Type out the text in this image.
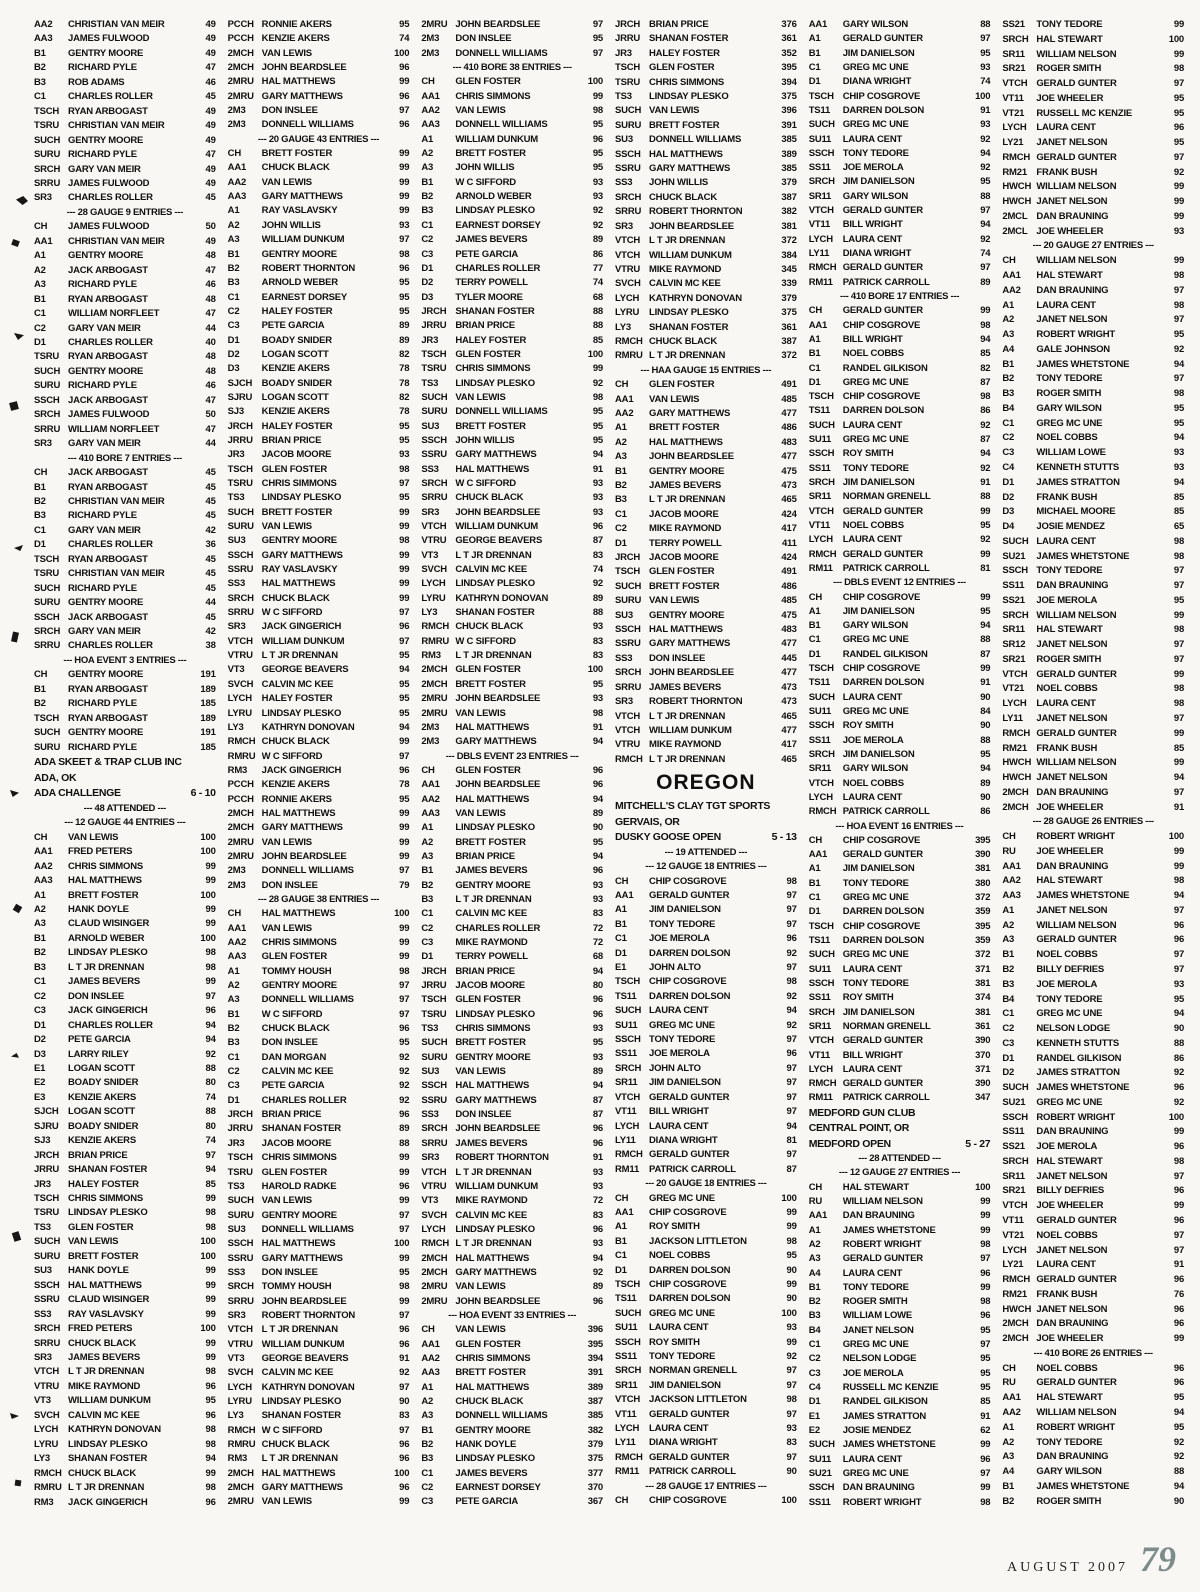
AA2	CHRISTIAN VAN MEIR	49
AA3	JAMES FULWOOD	49
B1	GENTRY MOORE	49
B2	RICHARD PYLE	47
B3	ROB ADAMS	46
C1	CHARLES ROLLER	45
TSCH RYAN ARBOGAST	49
TSRU CHRISTIAN VAN MEIR	49
SUCH GENTRY MOORE	49
SURU RICHARD PYLE	47
SRCH GARY VAN MEIR	49
SRRU JAMES FULWOOD	49
SR3	CHARLES ROLLER	45
--- 28 GAUGE 9 ENTRIES ---
CH	JAMES FULWOOD	50
AA1	CHRISTIAN VAN MEIR	49
A1	GENTRY MOORE	48
A2	JACK ARBOGAST	47
A3	RICHARD PYLE	46
B1	RYAN ARBOGAST	48
C1	WILLIAM NORFLEET	47
C2	GARY VAN MEIR	44
D1	CHARLES ROLLER	40
TSRU RYAN ARBOGAST	48
SUCH GENTRY MOORE	48
SURU RICHARD PYLE	46
SSCH JACK ARBOGAST	47
SRCH JAMES FULWOOD	50
SRRU WILLIAM NORFLEET	47
SR3	GARY VAN MEIR	44
--- 410 BORE 7 ENTRIES ---
CH	JACK ARBOGAST	45
B1	RYAN ARBOGAST	45
B2	CHRISTIAN VAN MEIR	45
B3	RICHARD PYLE	45
C1	GARY VAN MEIR	42
D1	CHARLES ROLLER	36
TSCH RYAN ARBOGAST	45
TSRU CHRISTIAN VAN MEIR	45
SUCH RICHARD PYLE	45
SURU GENTRY MOORE	44
SSCH JACK ARBOGAST	45
SRCH GARY VAN MEIR	42
SRRU CHARLES ROLLER	38
--- HOA EVENT 3 ENTRIES ---
CH	GENTRY MOORE	191
B1	RYAN ARBOGAST	189
B2	RICHARD PYLE	185
TSCH RYAN ARBOGAST	189
SUCH GENTRY MOORE	191
SURU RICHARD PYLE	185
ADA SKEET & TRAP CLUB INC
ADA, OK
ADA CHALLENGE	6 - 10
--- 48 ATTENDED ---
--- 12 GAUGE 44 ENTRIES ---
CH	VAN LEWIS	100
AA1	FRED PETERS	100
AA2	CHRIS SIMMONS	99
AA3	HAL MATTHEWS	99
A1	BRETT FOSTER	100
A2	HANK DOYLE	99
A3	CLAUD WISINGER	99
B1	ARNOLD WEBER	100
B2	LINDSAY PLESKO	98
B3	L T JR DRENNAN	98
C1	JAMES BEVERS	99
C2	DON INSLEE	97
C3	JACK GINGERICH	96
D1	CHARLES ROLLER	94
D2	PETE GARCIA	94
D3	LARRY RILEY	92
E1	LOGAN SCOTT	88
E2	BOADY SNIDER	80
E3	KENZIE AKERS	74
SJCH LOGAN SCOTT	88
SJRU BOADY SNIDER	80
SJ3	KENZIE AKERS	74
JRCH BRIAN PRICE	97
JRRU SHANAN FOSTER	94
JR3	HALEY FOSTER	85
TSCH CHRIS SIMMONS	99
TSRU LINDSAY PLESKO	98
TS3	GLEN FOSTER	98
SUCH VAN LEWIS	100
SURU BRETT FOSTER	100
SU3	HANK DOYLE	99
SSCH HAL MATTHEWS	99
SSRU CLAUD WISINGER	99
SS3	RAY VASLAVSKY	99
SRCH FRED PETERS	100
SRRU CHUCK BLACK	99
SR3	JAMES BEVERS	99
VTCH L T JR DRENNAN	98
VTRU MIKE RAYMOND	96
VT3	WILLIAM DUNKUM	95
SVCH CALVIN MC KEE	96
LYCH	KATHRYN DONOVAN	98
LYRU	LINDSAY PLESKO	98
LY3	SHANAN FOSTER	94
RMCH CHUCK BLACK	99
RMRU L T JR DRENNAN	98
RM3	JACK GINGERICH	96
PCCH RONNIE AKERS	95
PCCH KENZIE AKERS	74
2MCH VAN LEWIS	100
2MCH JOHN BEARDSLEE	96
2MRU HAL MATTHEWS	99
2MRU GARY MATTHEWS	96
2M3	DON INSLEE	97
2M3	DONNELL WILLIAMS	96
--- 20 GAUGE 43 ENTRIES ---
CH	BRETT FOSTER	99
AA1	CHUCK BLACK	99
AA2	VAN LEWIS	99
AA3	GARY MATTHEWS	99
A1	RAY VASLAVSKY	99
A2	JOHN WILLIS	93
A3	WILLIAM DUNKUM	97
B1	GENTRY MOORE	98
B2	ROBERT THORNTON	96
B3	ARNOLD WEBER	95
C1	EARNEST DORSEY	95
C2	HALEY FOSTER	95
C3	PETE GARCIA	89
D1	BOADY SNIDER	89
D2	LOGAN SCOTT	82
D3	KENZIE AKERS	78
SJCH BOADY SNIDER	78
SJRU LOGAN SCOTT	82
SJ3	KENZIE AKERS	78
JRCH HALEY FOSTER	95
JRRU BRIAN PRICE	95
JR3	JACOB MOORE	93
TSCH GLEN FOSTER	98
TSRU CHRIS SIMMONS	97
TS3	LINDSAY PLESKO	95
SUCH BRETT FOSTER	99
SURU VAN LEWIS	99
SU3	GENTRY MOORE	98
SSCH GARY MATTHEWS	99
SSRU RAY VASLAVSKY	99
SS3	HAL MATTHEWS	99
SRCH CHUCK BLACK	99
SRRU W C SIFFORD	97
SR3	JACK GINGERICH	96
VTCH WILLIAM DUNKUM	97
VTRU L T JR DRENNAN	95
VT3	GEORGE BEAVERS	94
SVCH CALVIN MC KEE	95
LYCH	HALEY FOSTER	95
LYRU	LINDSAY PLESKO	95
LY3	KATHRYN DONOVAN	94
RMCH CHUCK BLACK	99
RMRU W C SIFFORD	97
RM3	JACK GINGERICH	96
PCCH KENZIE AKERS	78
PCCH RONNIE AKERS	95
2MCH HAL MATTHEWS	99
2MCH GARY MATTHEWS	99
2MRU VAN LEWIS	99
2MRU JOHN BEARDSLEE	99
2M3	DONNELL WILLIAMS	97
2M3	DON INSLEE	79
--- 28 GAUGE 38 ENTRIES ---
CH	HAL MATTHEWS	100
AA1	VAN LEWIS	99
AA2	CHRIS SIMMONS	99
AA3	GLEN FOSTER	99
A1	TOMMY HOUSH	98
A2	GENTRY MOORE	97
A3	DONNELL WILLIAMS	97
B1	W C SIFFORD	97
B2	CHUCK BLACK	96
B3	DON INSLEE	95
C1	DAN MORGAN	92
C2	CALVIN MC KEE	92
C3	PETE GARCIA	92
D1	CHARLES ROLLER	92
JRCH BRIAN PRICE	96
JRRU SHANAN FOSTER	89
JR3	JACOB MOORE	88
TSCH CHRIS SIMMONS	99
TSRU GLEN FOSTER	99
TS3	HAROLD RADKE	96
SUCH VAN LEWIS	99
SURU GENTRY MOORE	97
SU3	DONNELL WILLIAMS	97
SSCH HAL MATTHEWS	100
SSRU GARY MATTHEWS	99
SS3	DON INSLEE	95
SRCH TOMMY HOUSH	98
SRRU JOHN BEARDSLEE	99
SR3	ROBERT THORNTON	97
VTCH L T JR DRENNAN	96
VTRU WILLIAM DUNKUM	96
VT3	GEORGE BEAVERS	91
SVCH CALVIN MC KEE	92
LYCH	KATHRYN DONOVAN	97
LYRU	LINDSAY PLESKO	90
LY3	SHANAN FOSTER	83
RMCH W C SIFFORD	97
RMRU CHUCK BLACK	96
RM3	L T JR DRENNAN	96
2MCH HAL MATTHEWS	100
2MCH GARY MATTHEWS	96
2MRU VAN LEWIS	99
2MRU JOHN BEARDSLEE	97
2M3	DON INSLEE	95
2M3	DONNELL WILLIAMS	97
--- 410 BORE 38 ENTRIES ---
CH	GLEN FOSTER	100
AA1	CHRIS SIMMONS	99
AA2	VAN LEWIS	98
AA3	DONNELL WILLIAMS	95
A1	WILLIAM DUNKUM	96
A2	BRETT FOSTER	95
A3	JOHN WILLIS	95
B1	W C SIFFORD	93
B2	ARNOLD WEBER	93
B3	LINDSAY PLESKO	92
C1	EARNEST DORSEY	92
C2	JAMES BEVERS	89
C3	PETE GARCIA	86
D1	CHARLES ROLLER	77
D2	TERRY POWELL	74
D3	TYLER MOORE	68
JRCH SHANAN FOSTER	88
JRRU BRIAN PRICE	88
JR3	HALEY FOSTER	85
TSCH GLEN FOSTER	100
TSRU CHRIS SIMMONS	99
TS3	LINDSAY PLESKO	92
SUCH VAN LEWIS	98
SURU DONNELL WILLIAMS	95
SU3	BRETT FOSTER	95
SSCH JOHN WILLIS	95
SSRU GARY MATTHEWS	94
SS3	HAL MATTHEWS	91
SRCH W C SIFFORD	93
SRRU CHUCK BLACK	93
SR3	JOHN BEARDSLEE	93
VTCH WILLIAM DUNKUM	96
VTRU GEORGE BEAVERS	87
VT3	L T JR DRENNAN	83
SVCH CALVIN MC KEE	74
LYCH	LINDSAY PLESKO	92
LYRU	KATHRYN DONOVAN	89
LY3	SHANAN FOSTER	88
RMCH CHUCK BLACK	93
RMRU W C SIFFORD	83
RM3	L T JR DRENNAN	83
2MCH GLEN FOSTER	100
2MCH BRETT FOSTER	95
2MRU JOHN BEARDSLEE	93
2MRU VAN LEWIS	98
2M3	HAL MATTHEWS	91
2M3	GARY MATTHEWS	94
--- DBLS EVENT 23 ENTRIES ---
CH	GLEN FOSTER	96
AA1	JOHN BEARDSLEE	96
AA2	HAL MATTHEWS	94
AA3	VAN LEWIS	89
A1	LINDSAY PLESKO	90
A2	BRETT FOSTER	95
A3	BRIAN PRICE	94
B1	JAMES BEVERS	96
B2	GENTRY MOORE	93
B3	L T JR DRENNAN	93
C1	CALVIN MC KEE	83
C2	CHARLES ROLLER	72
C3	MIKE RAYMOND	72
D1	TERRY POWELL	68
JRCH BRIAN PRICE	94
JRRU JACOB MOORE	80
TSCH GLEN FOSTER	96
TSRU LINDSAY PLESKO	96
TS3	CHRIS SIMMONS	93
SUCH BRETT FOSTER	95
SURU GENTRY MOORE	93
SU3	VAN LEWIS	89
SSCH HAL MATTHEWS	94
SSRU GARY MATTHEWS	87
SS3	DON INSLEE	87
SRCH JOHN BEARDSLEE	96
SRRU JAMES BEVERS	96
SR3	ROBERT THORNTON	91
VTCH L T JR DRENNAN	93
VTRU WILLIAM DUNKUM	93
VT3	MIKE RAYMOND	72
SVCH CALVIN MC KEE	83
LYCH	LINDSAY PLESKO	96
RMCH L T JR DRENNAN	93
2MCH HAL MATTHEWS	94
2MCH GARY MATTHEWS	92
2MRU VAN LEWIS	89
2MRU JOHN BEARDSLEE	96
--- HOA EVENT 33 ENTRIES ---
CH	VAN LEWIS	396
AA1	GLEN FOSTER	395
AA2	CHRIS SIMMONS	394
AA3	BRETT FOSTER	391
A1	HAL MATTHEWS	389
A2	CHUCK BLACK	387
A3	DONNELL WILLIAMS	385
B1	GENTRY MOORE	382
B2	HANK DOYLE	379
B3	LINDSAY PLESKO	375
C1	JAMES BEVERS	377
C2	EARNEST DORSEY	370
C3	PETE GARCIA	367
JRCH BRIAN PRICE	376
JRRU SHANAN FOSTER	361
JR3	HALEY FOSTER	352
TSCH GLEN FOSTER	395
TSRU CHRIS SIMMONS	394
TS3	LINDSAY PLESKO	375
SUCH VAN LEWIS	396
SURU BRETT FOSTER	391
SU3	DONNELL WILLIAMS	385
SSCH HAL MATTHEWS	389
SSRU GARY MATTHEWS	385
SS3	JOHN WILLIS	379
SRCH CHUCK BLACK	387
SRRU ROBERT THORNTON	382
SR3	JOHN BEARDSLEE	381
VTCH L T JR DRENNAN	372
VTCH WILLIAM DUNKUM	384
VTRU MIKE RAYMOND	345
SVCH CALVIN MC KEE	339
LYCH	KATHRYN DONOVAN	379
LYRU	LINDSAY PLESKO	375
LY3	SHANAN FOSTER	361
RMCH CHUCK BLACK	387
RMRU L T JR DRENNAN	372
--- HAA GAUGE 15 ENTRIES ---
CH	GLEN FOSTER	491
AA1	VAN LEWIS	485
AA2	GARY MATTHEWS	477
A1	BRETT FOSTER	486
A2	HAL MATTHEWS	483
A3	JOHN BEARDSLEE	477
B1	GENTRY MOORE	475
B2	JAMES BEVERS	473
B3	L T JR DRENNAN	465
C1	JACOB MOORE	424
C2	MIKE RAYMOND	417
D1	TERRY POWELL	411
JRCH JACOB MOORE	424
TSCH GLEN FOSTER	491
SUCH BRETT FOSTER	486
SURU VAN LEWIS	485
SU3	GENTRY MOORE	475
SSCH HAL MATTHEWS	483
SSRU GARY MATTHEWS	477
SS3	DON INSLEE	445
SRCH JOHN BEARDSLEE	477
SRRU JAMES BEVERS	473
SR3	ROBERT THORNTON	473
VTCH L T JR DRENNAN	465
VTCH WILLIAM DUNKUM	477
VTRU MIKE RAYMOND	417
RMCH L T JR DRENNAN	465
OREGON
MITCHELL'S CLAY TGT SPORTS
GERVAIS, OR
DUSKY GOOSE OPEN	5 - 13
--- 19 ATTENDED ---
--- 12 GAUGE 18 ENTRIES ---
CH	CHIP COSGROVE	98
AA1	GERALD GUNTER	97
A1	JIM DANIELSON	97
B1	TONY TEDORE	97
C1	JOE MEROLA	96
D1	DARREN DOLSON	92
E1	JOHN ALTO	97
TSCH CHIP COSGROVE	98
TS11	DARREN DOLSON	92
SUCH LAURA CENT	94
SU11	GREG MC UNE	92
SSCH TONY TEDORE	97
SS11	JOE MEROLA	96
SRCH JOHN ALTO	97
SR11	JIM DANIELSON	97
VTCH GERALD GUNTER	97
VT11	BILL WRIGHT	97
LYCH	LAURA CENT	94
LY11	DIANA WRIGHT	81
RMCH GERALD GUNTER	97
RM11	PATRICK CARROLL	87
--- 20 GAUGE 18 ENTRIES ---
CH	GREG MC UNE	100
AA1	CHIP COSGROVE	99
A1	ROY SMITH	99
B1	JACKSON LITTLETON	98
C1	NOEL COBBS	95
D1	DARREN DOLSON	90
TSCH CHIP COSGROVE	99
TS11	DARREN DOLSON	90
SUCH GREG MC UNE	100
SU11	LAURA CENT	93
SSCH ROY SMITH	99
SS11	TONY TEDORE	92
SRCH NORMAN GRENELL	97
SR11	JIM DANIELSON	97
VTCH JACKSON LITTLETON	98
VT11	GERALD GUNTER	97
LYCH	LAURA CENT	93
LY11	DIANA WRIGHT	83
RMCH GERALD GUNTER	97
RM11	PATRICK CARROLL	90
--- 28 GAUGE 17 ENTRIES ---
CH	CHIP COSGROVE	100
AA1	GARY WILSON	88
A1	GERALD GUNTER	97
B1	JIM DANIELSON	95
C1	GREG MC UNE	93
D1	DIANA WRIGHT	74
TSCH CHIP COSGROVE	100
TS11	DARREN DOLSON	91
SUCH GREG MC UNE	93
SU11	LAURA CENT	92
SSCH TONY TEDORE	94
SS11	JOE MEROLA	92
SRCH JIM DANIELSON	95
SR11	GARY WILSON	88
VTCH GERALD GUNTER	97
VT11	BILL WRIGHT	94
LYCH	LAURA CENT	92
LY11	DIANA WRIGHT	74
RMCH GERALD GUNTER	97
RM11	PATRICK CARROLL	89
--- 410 BORE 17 ENTRIES ---
CH	GERALD GUNTER	99
AA1	CHIP COSGROVE	98
A1	BILL WRIGHT	94
B1	NOEL COBBS	85
C1	RANDEL GILKISON	82
D1	GREG MC UNE	87
TSCH CHIP COSGROVE	98
TS11	DARREN DOLSON	86
SUCH LAURA CENT	92
SU11	GREG MC UNE	87
SSCH ROY SMITH	94
SS11	TONY TEDORE	92
SRCH JIM DANIELSON	91
SR11	NORMAN GRENELL	88
VTCH GERALD GUNTER	99
VT11	NOEL COBBS	95
LYCH	LAURA CENT	92
RMCH GERALD GUNTER	99
RM11	PATRICK CARROLL	81
--- DBLS EVENT 12 ENTRIES ---
CH	CHIP COSGROVE	99
A1	JIM DANIELSON	95
B1	GARY WILSON	94
C1	GREG MC UNE	88
D1	RANDEL GILKISON	87
TSCH CHIP COSGROVE	99
TS11	DARREN DOLSON	91
SUCH LAURA CENT	90
SU11	GREG MC UNE	84
SSCH ROY SMITH	90
SS11	JOE MEROLA	88
SRCH JIM DANIELSON	95
SR11	GARY WILSON	94
VTCH NOEL COBBS	89
LYCH	LAURA CENT	90
RMCH PATRICK CARROLL	86
--- HOA EVENT 16 ENTRIES ---
CH	CHIP COSGROVE	395
AA1	GERALD GUNTER	390
A1	JIM DANIELSON	381
B1	TONY TEDORE	380
C1	GREG MC UNE	372
D1	DARREN DOLSON	359
TSCH CHIP COSGROVE	395
TS11	DARREN DOLSON	359
SUCH GREG MC UNE	372
SU11	LAURA CENT	371
SSCH TONY TEDORE	381
SS11	ROY SMITH	374
SRCH JIM DANIELSON	381
SR11	NORMAN GRENELL	361
VTCH GERALD GUNTER	390
VT11	BILL WRIGHT	370
LYCH	LAURA CENT	371
RMCH GERALD GUNTER	390
RM11	PATRICK CARROLL	347
MEDFORD GUN CLUB
CENTRAL POINT, OR
MEDFORD OPEN	5 - 27
--- 28 ATTENDED ---
--- 12 GAUGE 27 ENTRIES ---
CH	HAL STEWART	100
RU	WILLIAM NELSON	99
AA1	DAN BRAUNING	99
A1	JAMES WHETSTONE	99
A2	ROBERT WRIGHT	98
A3	GERALD GUNTER	97
A4	LAURA CENT	96
B1	TONY TEDORE	99
B2	ROGER SMITH	98
B3	WILLIAM LOWE	96
B4	JANET NELSON	95
C1	GREG MC UNE	97
C2	NELSON LODGE	95
C3	JOE MEROLA	95
C4	RUSSELL MC KENZIE	95
D1	RANDEL GILKISON	85
E1	JAMES STRATTON	91
E2	JOSIE MENDEZ	62
SUCH JAMES WHETSTONE	99
SU11	LAURA CENT	96
SU21	GREG MC UNE	97
SSCH DAN BRAUNING	99
SS11	ROBERT WRIGHT	98
SS21	TONY TEDORE	99
SRCH HAL STEWART	100
SR11	WILLIAM NELSON	99
SR21	ROGER SMITH	98
VTCH GERALD GUNTER	97
VT11	JOE WHEELER	95
VT21	RUSSELL MC KENZIE	95
LYCH	LAURA CENT	96
LY21	JANET NELSON	95
RMCH GERALD GUNTER	97
RM21 FRANK BUSH	92
HWCH WILLIAM NELSON	99
HWCH JANET NELSON	99
2MCL DAN BRAUNING	99
2MCL JOE WHEELER	93
--- 20 GAUGE 27 ENTRIES ---
CH	WILLIAM NELSON	99
AA1	HAL STEWART	98
AA2	DAN BRAUNING	97
A1	LAURA CENT	98
A2	JANET NELSON	97
A3	ROBERT WRIGHT	95
A4	GALE JOHNSON	92
B1	JAMES WHETSTONE	94
B2	TONY TEDORE	97
B3	ROGER SMITH	98
B4	GARY WILSON	95
C1	GREG MC UNE	95
C2	NOEL COBBS	94
C3	WILLIAM LOWE	93
C4	KENNETH STUTTS	93
D1	JAMES STRATTON	94
D2	FRANK BUSH	85
D3	MICHAEL MOORE	85
D4	JOSIE MENDEZ	65
SUCH LAURA CENT	98
SU21	JAMES WHETSTONE	98
SSCH TONY TEDORE	97
SS11	DAN BRAUNING	97
SS21	JOE MEROLA	95
SRCH WILLIAM NELSON	99
SR11	HAL STEWART	98
SR12	JANET NELSON	97
SR21	ROGER SMITH	97
VTCH GERALD GUNTER	99
VT21	NOEL COBBS	98
LYCH	LAURA CENT	98
LY11	JANET NELSON	97
RMCH GERALD GUNTER	99
RM21 FRANK BUSH	85
HWCH WILLIAM NELSON	99
HWCH JANET NELSON	94
2MCH DAN BRAUNING	97
2MCH JOE WHEELER	91
--- 28 GAUGE 26 ENTRIES ---
CH	ROBERT WRIGHT	100
RU	JOE WHEELER	99
AA1	DAN BRAUNING	99
AA2	HAL STEWART	98
AA3	JAMES WHETSTONE	94
A1	JANET NELSON	97
A2	WILLIAM NELSON	96
A3	GERALD GUNTER	96
B1	NOEL COBBS	97
B2	BILLY DEFRIES	97
B3	JOE MEROLA	93
B4	TONY TEDORE	95
C1	GREG MC UNE	94
C2	NELSON LODGE	90
C3	KENNETH STUTTS	88
D1	RANDEL GILKISON	86
D2	JAMES STRATTON	92
SUCH JAMES WHETSTONE	96
SU21	GREG MC UNE	92
SSCH ROBERT WRIGHT	100
SS11	DAN BRAUNING	99
SS21	JOE MEROLA	96
SRCH HAL STEWART	98
SR11	JANET NELSON	97
SR21	BILLY DEFRIES	96
VTCH JOE WHEELER	99
VT11	GERALD GUNTER	96
VT21	NOEL COBBS	97
LYCH	JANET NELSON	97
LY21	LAURA CENT	91
RMCH GERALD GUNTER	96
RM21 FRANK BUSH	76
HWCH JANET NELSON	96
2MCH DAN BRAUNING	96
2MCH JOE WHEELER	99
--- 410 BORE 26 ENTRIES ---
CH	NOEL COBBS	96
RU	GERALD GUNTER	96
AA1	HAL STEWART	95
AA2	WILLIAM NELSON	94
A1	ROBERT WRIGHT	95
A2	TONY TEDORE	92
A3	DAN BRAUNING	92
A4	GARY WILSON	88
B1	JAMES WHETSTONE	94
B2	ROGER SMITH	90
AUGUST 2007 79
